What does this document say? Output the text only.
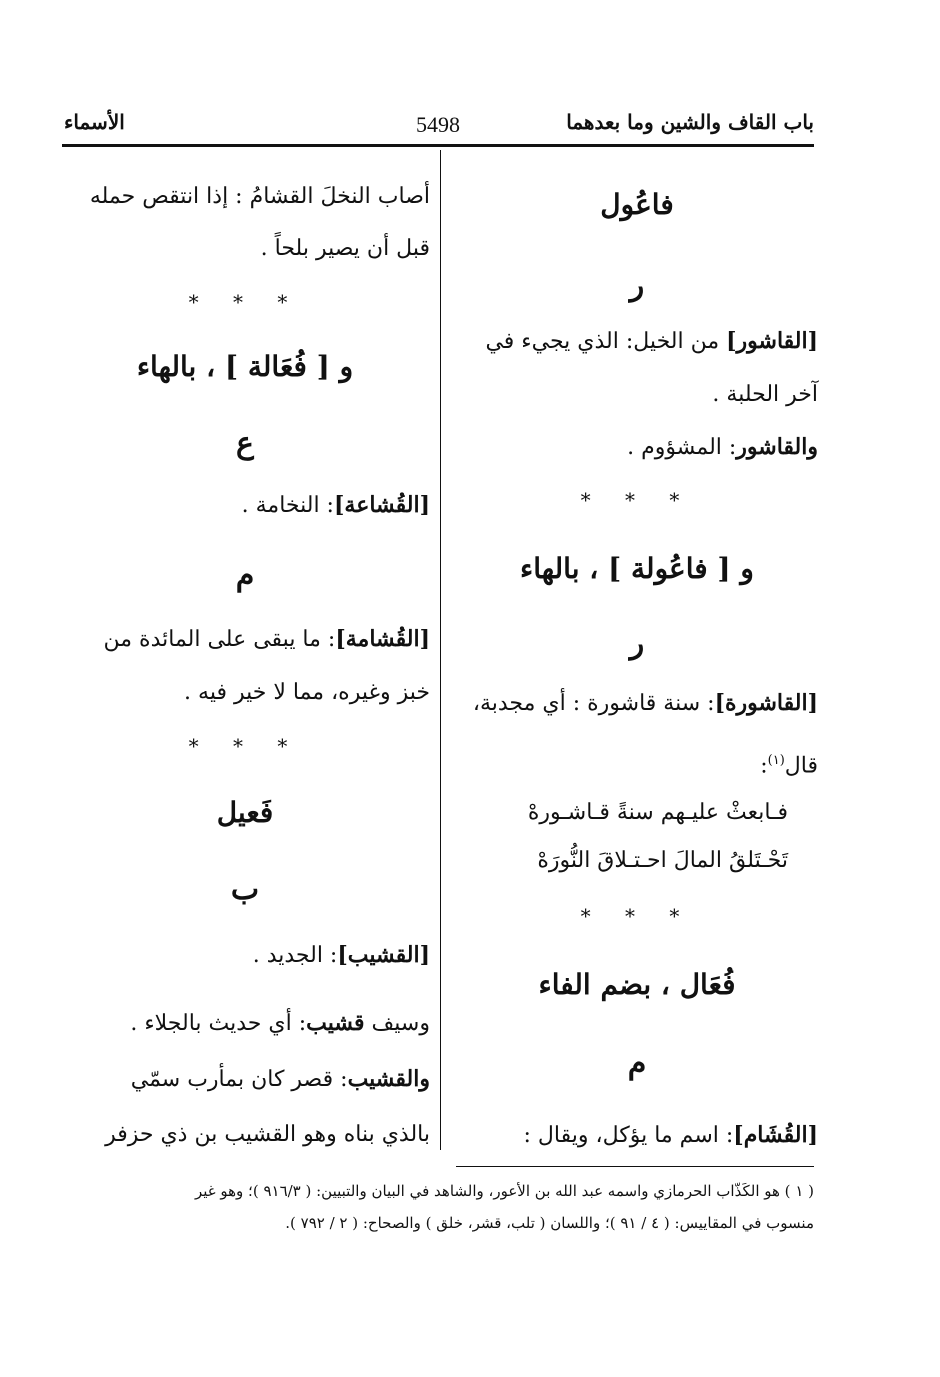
باب القاف والشين وما بعدهما
5498
الأسماء
فاعُول
ر
[القاشور] من الخيل: الذي يجيء في
آخر الحلبة .
والقاشور: المشؤوم .
* * *
و [ فاعُولة ] ، بالهاء
ر
[القاشورة]: سنة قاشورة : أي مجدبة،
قال$^{(١)}$:
فـابعثْ عليـهم سنةً قـاشـورهْ
تَحْـتَلقُ المالَ احـتـلاقَ النُّورَهْ
* * *
فُعَال ، بضم الفاء
م
[القُشَام]: اسم ما يؤكل، ويقال :
أصاب النخلَ القشامُ : إذا انتقص حمله
قبل أن يصير بلحاً .
* * *
و [ فُعَالة ] ، بالهاء
ع
[القُشاعة]: النخامة .
م
[القُشامة]: ما يبقى على المائدة من
خبز وغيره، مما لا خير فيه .
* * *
فَعيل
ب
[القشيب]: الجديد .
وسيف قشيب: أي حديث بالجلاء .
والقشيب: قصر كان بمأرب سمّي
بالذي بناه وهو القشيب بن ذي حزفر
( ١ ) هو الكَذّاب الحرمازي واسمه عبد الله بن الأعور، والشاهد في البيان والتبيين: ( ٩١٦/٣ )؛ وهو غير
منسوب في المقاييس: ( ٤ / ٩١ )؛ واللسان ( تلب، قشر، خلق ) والصحاح: ( ٢ / ٧٩٢ ).
